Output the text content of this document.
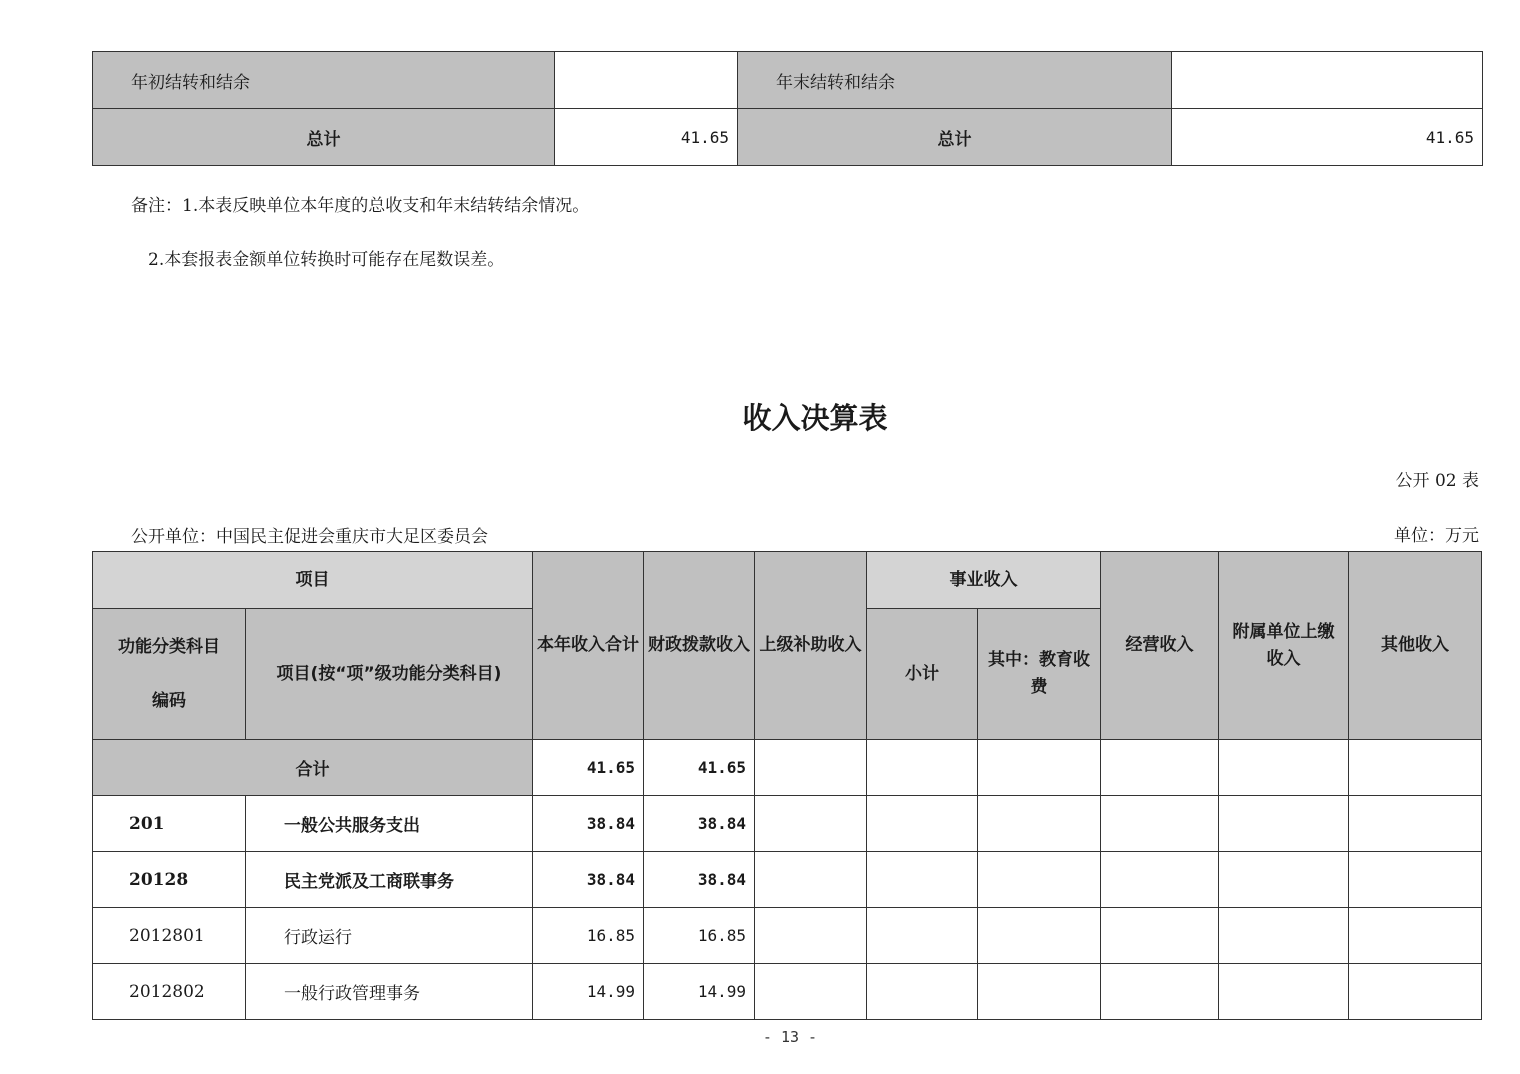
年初结转和结余		年末结转和结余	
总计	41.65	总计	41.65
备注：1.本表反映单位本年度的总收支和年末结转结余情况。
2.本套报表金额单位转换时可能存在尾数误差。
收入决算表
公开 02 表
公开单位：中国民主促进会重庆市大足区委员会	单位：万元
项目		本年收入合计	财政拨款收入	上级补助收入	事业收入		经营收入	附属单位上缴收入	其他收入
功能分类科目编码	项目(按“项”级功能分类科目)				小计	其中：教育收费			
合计		41.65	41.65						
201	一般公共服务支出	38.84	38.84						
20128	民主党派及工商联事务	38.84	38.84						
2012801	行政运行	16.85	16.85						
2012802	一般行政管理事务	14.99	14.99						
- 13 -
